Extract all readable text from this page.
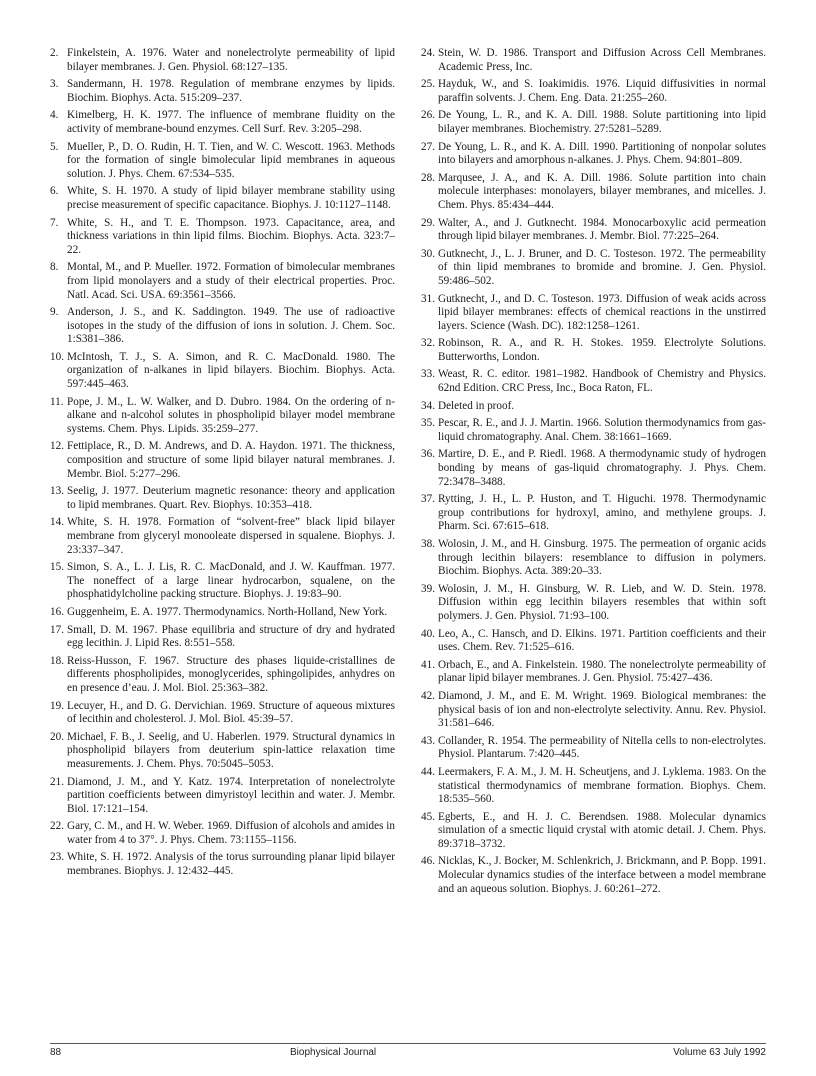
2. Finkelstein, A. 1976. Water and nonelectrolyte permeability of lipid bilayer membranes. J. Gen. Physiol. 68:127–135.
3. Sandermann, H. 1978. Regulation of membrane enzymes by lipids. Biochim. Biophys. Acta. 515:209–237.
4. Kimelberg, H. K. 1977. The influence of membrane fluidity on the activity of membrane-bound enzymes. Cell Surf. Rev. 3:205–298.
5. Mueller, P., D. O. Rudin, H. T. Tien, and W. C. Wescott. 1963. Methods for the formation of single bimolecular lipid membranes in aqueous solution. J. Phys. Chem. 67:534–535.
6. White, S. H. 1970. A study of lipid bilayer membrane stability using precise measurement of specific capacitance. Biophys. J. 10:1127–1148.
7. White, S. H., and T. E. Thompson. 1973. Capacitance, area, and thickness variations in thin lipid films. Biochim. Biophys. Acta. 323:7–22.
8. Montal, M., and P. Mueller. 1972. Formation of bimolecular membranes from lipid monolayers and a study of their electrical properties. Proc. Natl. Acad. Sci. USA. 69:3561–3566.
9. Anderson, J. S., and K. Saddington. 1949. The use of radioactive isotopes in the study of the diffusion of ions in solution. J. Chem. Soc. 1:S381–386.
10. McIntosh, T. J., S. A. Simon, and R. C. MacDonald. 1980. The organization of n-alkanes in lipid bilayers. Biochim. Biophys. Acta. 597:445–463.
11. Pope, J. M., L. W. Walker, and D. Dubro. 1984. On the ordering of n-alkane and n-alcohol solutes in phospholipid bilayer model membrane systems. Chem. Phys. Lipids. 35:259–277.
12. Fettiplace, R., D. M. Andrews, and D. A. Haydon. 1971. The thickness, composition and structure of some lipid bilayer natural membranes. J. Membr. Biol. 5:277–296.
13. Seelig, J. 1977. Deuterium magnetic resonance: theory and application to lipid membranes. Quart. Rev. Biophys. 10:353–418.
14. White, S. H. 1978. Formation of “solvent-free” black lipid bilayer membrane from glyceryl monooleate dispersed in squalene. Biophys. J. 23:337–347.
15. Simon, S. A., L. J. Lis, R. C. MacDonald, and J. W. Kauffman. 1977. The noneffect of a large linear hydrocarbon, squalene, on the phosphatidylcholine packing structure. Biophys. J. 19:83–90.
16. Guggenheim, E. A. 1977. Thermodynamics. North-Holland, New York.
17. Small, D. M. 1967. Phase equilibria and structure of dry and hydrated egg lecithin. J. Lipid Res. 8:551–558.
18. Reiss-Husson, F. 1967. Structure des phases liquide-cristallines de differents phospholipides, monoglycerides, sphingolipides, anhydres on en presence d’eau. J. Mol. Biol. 25:363–382.
19. Lecuyer, H., and D. G. Dervichian. 1969. Structure of aqueous mixtures of lecithin and cholesterol. J. Mol. Biol. 45:39–57.
20. Michael, F. B., J. Seelig, and U. Haberlen. 1979. Structural dynamics in phospholipid bilayers from deuterium spin-lattice relaxation time measurements. J. Chem. Phys. 70:5045–5053.
21. Diamond, J. M., and Y. Katz. 1974. Interpretation of nonelectrolyte partition coefficients between dimyristoyl lecithin and water. J. Membr. Biol. 17:121–154.
22. Gary, C. M., and H. W. Weber. 1969. Diffusion of alcohols and amides in water from 4 to 37°. J. Phys. Chem. 73:1155–1156.
23. White, S. H. 1972. Analysis of the torus surrounding planar lipid bilayer membranes. Biophys. J. 12:432–445.
24. Stein, W. D. 1986. Transport and Diffusion Across Cell Membranes. Academic Press, Inc.
25. Hayduk, W., and S. Ioakimidis. 1976. Liquid diffusivities in normal paraffin solvents. J. Chem. Eng. Data. 21:255–260.
26. De Young, L. R., and K. A. Dill. 1988. Solute partitioning into lipid bilayer membranes. Biochemistry. 27:5281–5289.
27. De Young, L. R., and K. A. Dill. 1990. Partitioning of nonpolar solutes into bilayers and amorphous n-alkanes. J. Phys. Chem. 94:801–809.
28. Marqusee, J. A., and K. A. Dill. 1986. Solute partition into chain molecule interphases: monolayers, bilayer membranes, and micelles. J. Chem. Phys. 85:434–444.
29. Walter, A., and J. Gutknecht. 1984. Monocarboxylic acid permeation through lipid bilayer membranes. J. Membr. Biol. 77:225–264.
30. Gutknecht, J., L. J. Bruner, and D. C. Tosteson. 1972. The permeability of thin lipid membranes to bromide and bromine. J. Gen. Physiol. 59:486–502.
31. Gutknecht, J., and D. C. Tosteson. 1973. Diffusion of weak acids across lipid bilayer membranes: effects of chemical reactions in the unstirred layers. Science (Wash. DC). 182:1258–1261.
32. Robinson, R. A., and R. H. Stokes. 1959. Electrolyte Solutions. Butterworths, London.
33. Weast, R. C. editor. 1981–1982. Handbook of Chemistry and Physics. 62nd Edition. CRC Press, Inc., Boca Raton, FL.
34. Deleted in proof.
35. Pescar, R. E., and J. J. Martin. 1966. Solution thermodynamics from gas-liquid chromatography. Anal. Chem. 38:1661–1669.
36. Martire, D. E., and P. Riedl. 1968. A thermodynamic study of hydrogen bonding by means of gas-liquid chromatography. J. Phys. Chem. 72:3478–3488.
37. Rytting, J. H., L. P. Huston, and T. Higuchi. 1978. Thermodynamic group contributions for hydroxyl, amino, and methylene groups. J. Pharm. Sci. 67:615–618.
38. Wolosin, J. M., and H. Ginsburg. 1975. The permeation of organic acids through lecithin bilayers: resemblance to diffusion in polymers. Biochim. Biophys. Acta. 389:20–33.
39. Wolosin, J. M., H. Ginsburg, W. R. Lieb, and W. D. Stein. 1978. Diffusion within egg lecithin bilayers resembles that within soft polymers. J. Gen. Physiol. 71:93–100.
40. Leo, A., C. Hansch, and D. Elkins. 1971. Partition coefficients and their uses. Chem. Rev. 71:525–616.
41. Orbach, E., and A. Finkelstein. 1980. The nonelectrolyte permeability of planar lipid bilayer membranes. J. Gen. Physiol. 75:427–436.
42. Diamond, J. M., and E. M. Wright. 1969. Biological membranes: the physical basis of ion and non-electrolyte selectivity. Annu. Rev. Physiol. 31:581–646.
43. Collander, R. 1954. The permeability of Nitella cells to non-electrolytes. Physiol. Plantarum. 7:420–445.
44. Leermakers, F. A. M., J. M. H. Scheutjens, and J. Lyklema. 1983. On the statistical thermodynamics of membrane formation. Biophys. Chem. 18:535–560.
45. Egberts, E., and H. J. C. Berendsen. 1988. Molecular dynamics simulation of a smectic liquid crystal with atomic detail. J. Chem. Phys. 89:3718–3732.
46. Nicklas, K., J. Bocker, M. Schlenkrich, J. Brickmann, and P. Bopp. 1991. Molecular dynamics studies of the interface between a model membrane and an aqueous solution. Biophys. J. 60:261–272.
88	Biophysical Journal	Volume 63 July 1992
